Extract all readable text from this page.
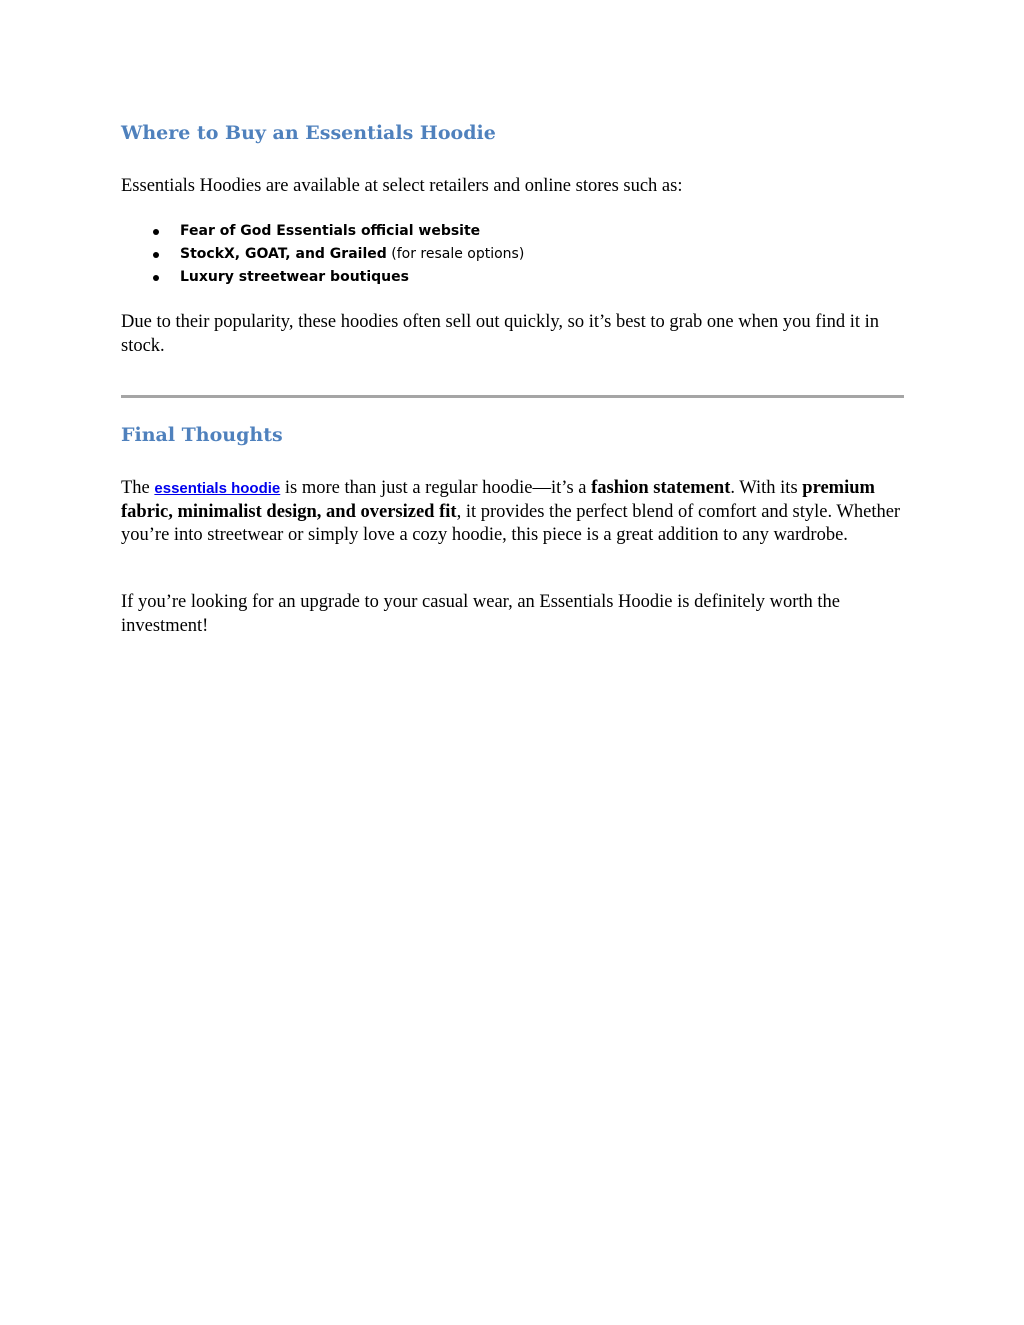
Where to Buy an Essentials Hoodie

Essentials Hoodies are available at select retailers and online stores such as:

Fear of God Essentials official website
StockX, GOAT, and Grailed (for resale options)
Luxury streetwear boutiques

Due to their popularity, these hoodies often sell out quickly, so it’s best to grab one when you find it in stock.

Final Thoughts

The essentials hoodie is more than just a regular hoodie—it’s a fashion statement. With its premium fabric, minimalist design, and oversized fit, it provides the perfect blend of comfort and style. Whether you’re into streetwear or simply love a cozy hoodie, this piece is a great addition to any wardrobe.

If you’re looking for an upgrade to your casual wear, an Essentials Hoodie is definitely worth the investment!
